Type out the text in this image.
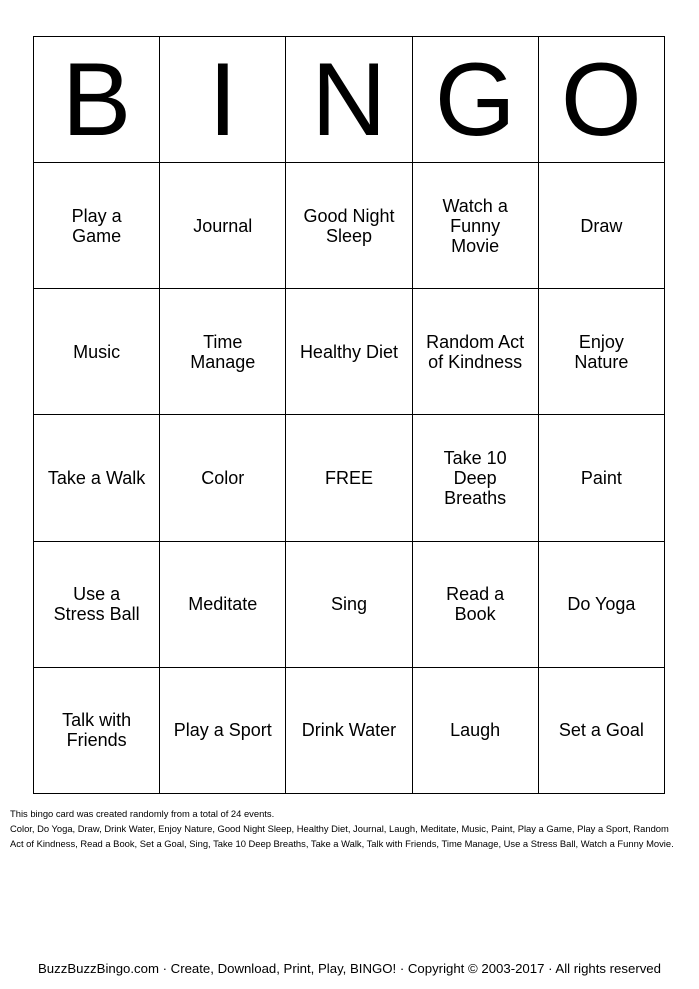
B	I	N	G	O
Play a Game	Journal	Good Night Sleep	Watch a Funny Movie	Draw
Music	Time Manage	Healthy Diet	Random Act of Kindness	Enjoy Nature
Take a Walk	Color	FREE	Take 10 Deep Breaths	Paint
Use a Stress Ball	Meditate	Sing	Read a Book	Do Yoga
Talk with Friends	Play a Sport	Drink Water	Laugh	Set a Goal
This bingo card was created randomly from a total of 24 events.
Color, Do Yoga, Draw, Drink Water, Enjoy Nature, Good Night Sleep, Healthy Diet, Journal, Laugh, Meditate, Music, Paint, Play a Game, Play a Sport, Random
Act of Kindness, Read a Book, Set a Goal, Sing, Take 10 Deep Breaths, Take a Walk, Talk with Friends, Time Manage, Use a Stress Ball, Watch a Funny Movie.
BuzzBuzzBingo.com · Create, Download, Print, Play, BINGO! · Copyright © 2003-2017 · All rights reserved
